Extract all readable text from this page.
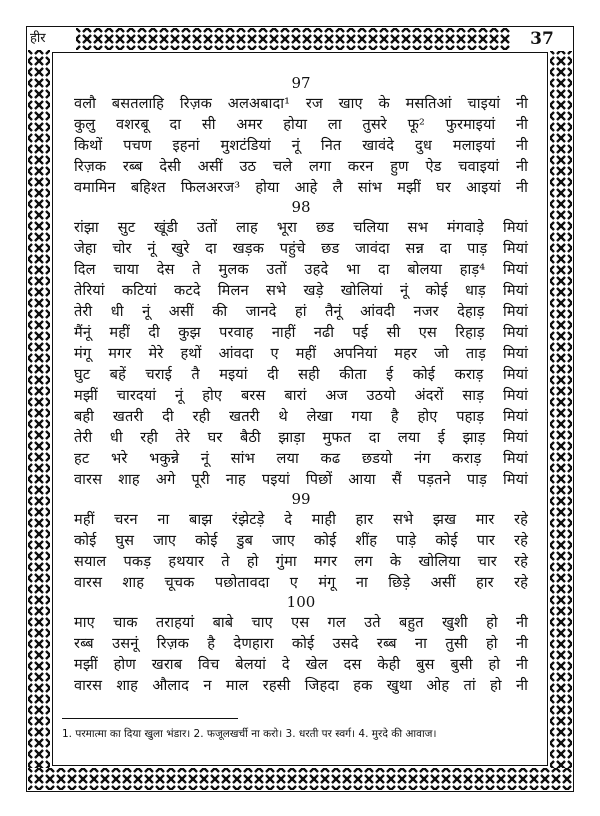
हीर	37
97
वलौ बसतलाहि रिज़क अलअबादा¹ रज खाए के मसतिआं चाइयां नी
कुलु वशरबू दा सी अमर होया ला तुसरे फू² फुरमाइयां नी
किथों पचण इहनां मुशटंडियां नूं नित खावंदे दुध मलाइयां नी
रिज़क रब्ब देसी असीं उठ चले लगा करन हुण ऐड चवाइयां नी
वमामिन बहिश्त फिलअरज³ होया आहे लै सांभ मझीं घर आइयां नी
98
रांझा सुट खूंडी उतों लाह भूरा छड चलिया सभ मंगवाड़े मियां
जेहा चोर नूं खुरे दा खड़क पहुंचे छड जावंदा सन्न दा पाड़ मियां
दिल चाया देस ते मुलक उतों उहदे भा दा बोलया हाड़⁴ मियां
तेरियां कटियां कटदे मिलन सभे खड़े खोलियां नूं कोई धाड़ मियां
तेरी धी नूं असीं की जानदे हां तैनूं आंवदी नजर देहाड़ मियां
मैंनूं महीं दी कुझ परवाह नाहीं नढी पई सी एस रिहाड़ मियां
मंगू मगर मेरे हथों आंवदा ए महीं अपनियां महर जो ताड़ मियां
घुट बहें चराई तै मइयां दी सही कीता ई कोई कराड़ मियां
मझीं चारदयां नूं होए बरस बारां अज उठयो अंदरों साड़ मियां
बही खतरी दी रही खतरी थे लेखा गया है होए पहाड़ मियां
तेरी धी रही तेरे घर बैठी झाड़ा मुफत दा लया ई झाड़ मियां
हट भरे भकुन्ने नूं सांभ लया कढ छडयो नंग कराड़ मियां
वारस शाह अगे पूरी नाह पइयां पिछों आया सैं पड़तने पाड़ मियां
99
महीं चरन ना बाझ रंझेटड़े दे माही हार सभे झख मार रहे
कोई घुस जाए कोई डुब जाए कोई शींह पाड़े कोई पार रहे
सयाल पकड़ हथयार ते हो गुंमा मगर लग के खोलिया चार रहे
वारस शाह चूचक पछोतावदा ए मंगू ना छिड़े असीं हार रहे
100
माए चाक तराहयां बाबे चाए एस गल उते बहुत खुशी हो नी
रब्ब उसनूं रिज़क है देणहारा कोई उसदे रब्ब ना तुसी हो नी
मझीं होण खराब विच बेलयां दे खेल दस केही बुस बुसी हो नी
वारस शाह औलाद न माल रहसी जिहदा हक खुथा ओह तां हो नी
1. परमात्मा का दिया खुला भंडार। 2. फजूलखर्ची ना करो। 3. धरती पर स्वर्ग। 4. मुरदे की आवाज।
